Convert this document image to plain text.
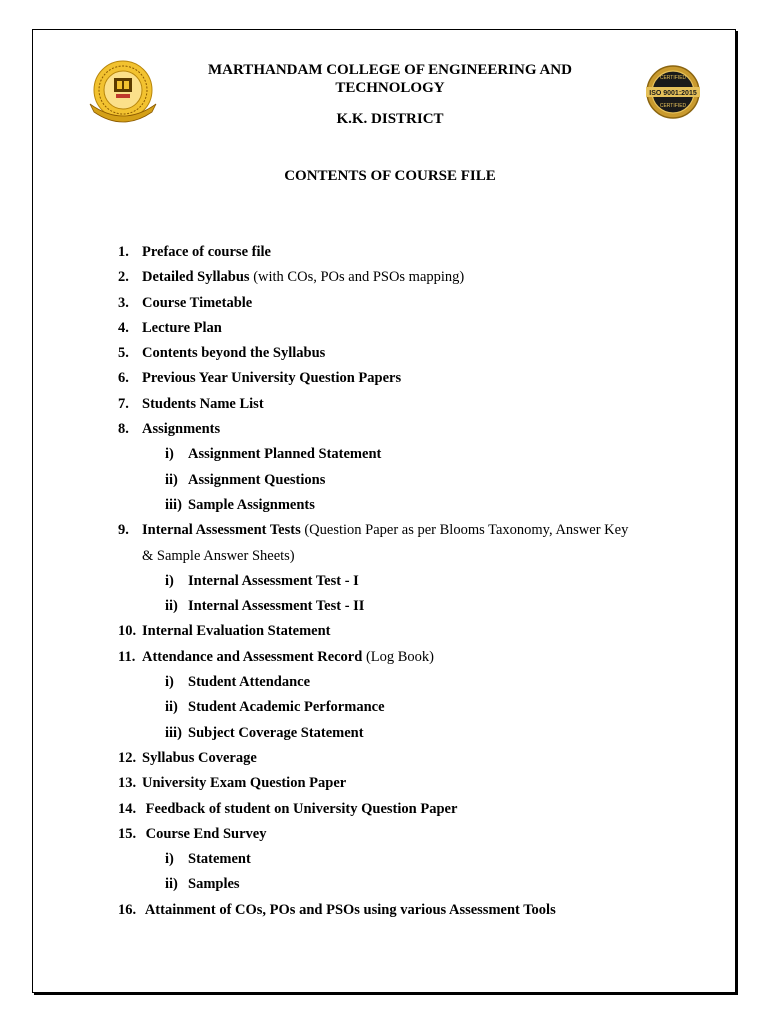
CERTIFIED
ISO 9001:2015
CERTIFIED
MARTHANDAM COLLEGE OF ENGINEERING AND
TECHNOLOGY
K.K. DISTRICT
CONTENTS OF COURSE FILE
1. Preface of course file
2. Detailed Syllabus (with COs, POs and PSOs mapping)
3. Course Timetable
4. Lecture Plan
5. Contents beyond the Syllabus
6. Previous Year University Question Papers
7. Students Name List
8. Assignments
i) Assignment Planned Statement
ii) Assignment Questions
iii) Sample Assignments
9. Internal Assessment Tests (Question Paper as per Blooms Taxonomy, Answer Key
& Sample Answer Sheets)
i) Internal Assessment Test - I
ii) Internal Assessment Test - II
10. Internal Evaluation Statement
11. Attendance and Assessment Record (Log Book)
i) Student Attendance
ii) Student Academic Performance
iii) Subject Coverage Statement
12. Syllabus Coverage
13. University Exam Question Paper
14. Feedback of student on University Question Paper
15. Course End Survey
i) Statement
ii) Samples
16. Attainment of COs, POs and PSOs using various Assessment Tools
